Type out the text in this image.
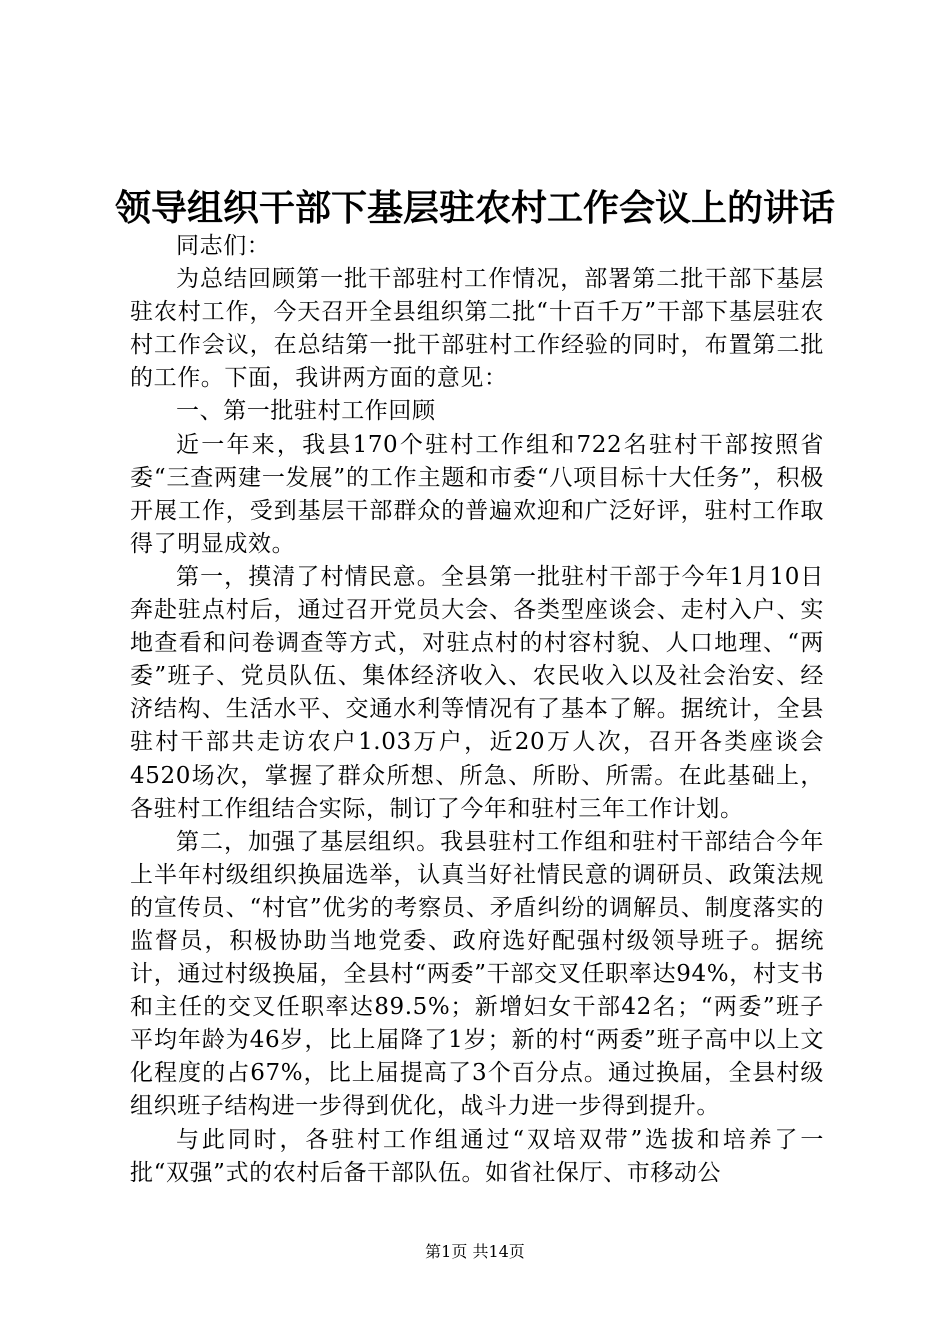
领导组织干部下基层驻农村工作会议上的讲话

同志们：

为总结回顾第一批干部驻村工作情况，部署第二批干部下基层驻农村工作，今天召开全县组织第二批“十百千万”干部下基层驻农村工作会议，在总结第一批干部驻村工作经验的同时，布置第二批的工作。下面，我讲两方面的意见：

一、第一批驻村工作回顾

近一年来，我县170个驻村工作组和722名驻村干部按照省委“三查两建一发展”的工作主题和市委“八项目标十大任务”，积极开展工作，受到基层干部群众的普遍欢迎和广泛好评，驻村工作取得了明显成效。

第一，摸清了村情民意。全县第一批驻村干部于今年1月10日奔赴驻点村后，通过召开党员大会、各类型座谈会、走村入户、实地查看和问卷调查等方式，对驻点村的村容村貌、人口地理、“两委”班子、党员队伍、集体经济收入、农民收入以及社会治安、经济结构、生活水平、交通水利等情况有了基本了解。据统计，全县驻村干部共走访农户1.03万户，近20万人次，召开各类座谈会4520场次，掌握了群众所想、所急、所盼、所需。在此基础上，各驻村工作组结合实际，制订了今年和驻村三年工作计划。

第二，加强了基层组织。我县驻村工作组和驻村干部结合今年上半年村级组织换届选举，认真当好社情民意的调研员、政策法规的宣传员、“村官”优劣的考察员、矛盾纠纷的调解员、制度落实的监督员，积极协助当地党委、政府选好配强村级领导班子。据统计，通过村级换届，全县村“两委”干部交叉任职率达94%，村支书和主任的交叉任职率达89.5%；新增妇女干部42名；“两委”班子平均年龄为46岁，比上届降了1岁；新的村“两委”班子高中以上文化程度的占67%，比上届提高了3个百分点。通过换届，全县村级组织班子结构进一步得到优化，战斗力进一步得到提升。

与此同时，各驻村工作组通过“双培双带”选拔和培养了一批“双强”式的农村后备干部队伍。如省社保厅、市移动公

第1页 共14页
